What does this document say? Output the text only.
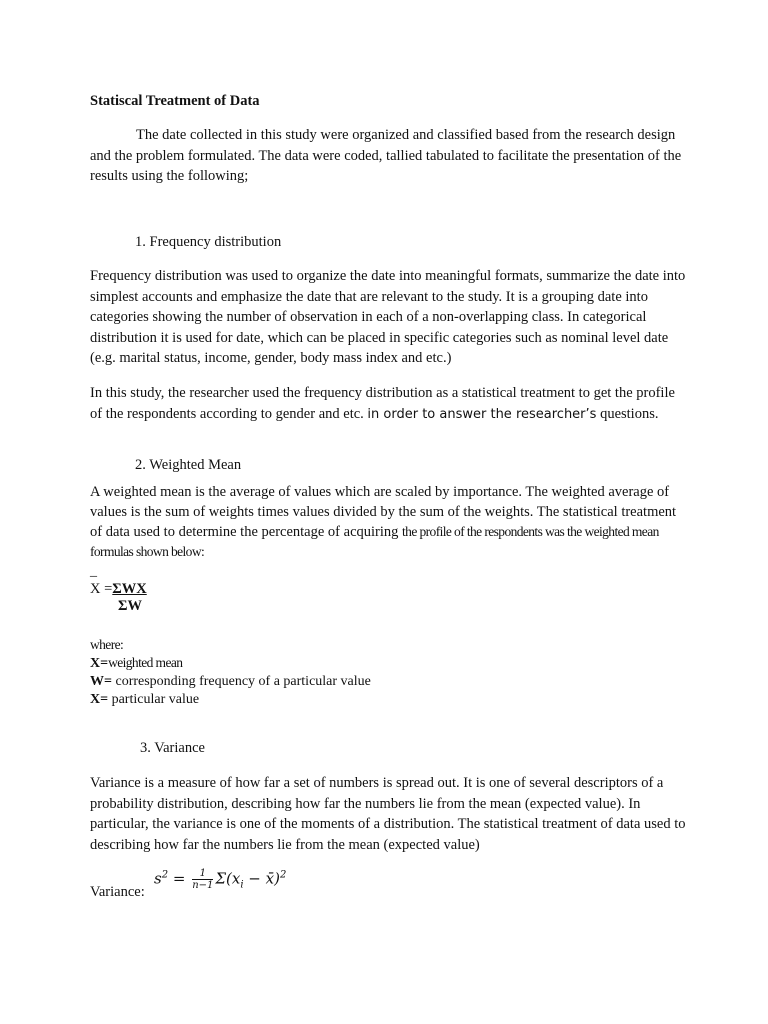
Statiscal Treatment of Data
The date collected in this study were organized and classified based from the research design and the problem formulated. The data were coded, tallied tabulated to facilitate the presentation of the results using the following;
1. Frequency distribution
Frequency distribution was used to organize the date into meaningful formats, summarize the date into simplest accounts and emphasize the date that are relevant to the study. It is a grouping date into categories showing the number of observation in each of a non-overlapping class. In categorical distribution it is used for date, which can be placed in specific categories such as nominal level date (e.g. marital status, income, gender, body mass index and etc.)
In this study, the researcher used the frequency distribution as a statistical treatment to get the profile of the respondents according to gender and etc. in order to answer the researcher’s questions.
2. Weighted Mean
A weighted mean is the average of values which are scaled by importance. The weighted average of values is the sum of weights times values divided by the sum of the weights. The statistical treatment of data used to determine the percentage of acquiring the profile of the respondents was the weighted mean formulas shown below:
_
X =ΣWX
ΣW
where:
X=weighted mean
W= corresponding frequency of a particular value
X= particular value
3. Variance
Variance is a measure of how far a set of numbers is spread out. It is one of several descriptors of a probability distribution, describing how far the numbers lie from the mean (expected value). In particular, the variance is one of the moments of a distribution. The statistical treatment of data used to describing how far the numbers lie from the mean (expected value)
Variance:
$s^2 = \frac{1}{n-1} \Sigma(x_i$ − x̄)$^2$
